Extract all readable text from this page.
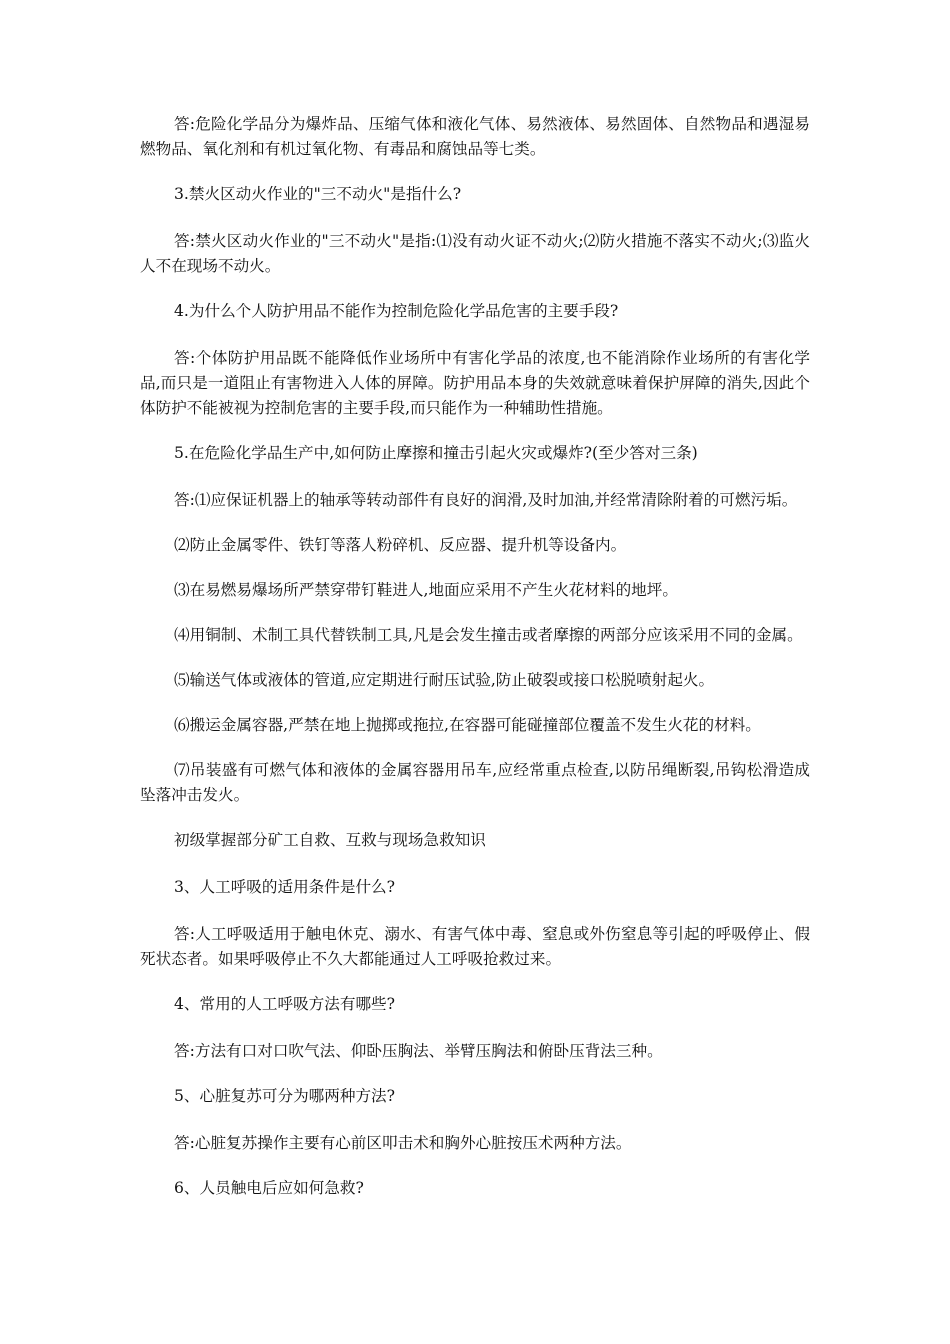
答:危险化学品分为爆炸品、压缩气体和液化气体、易然液体、易然固体、自然物品和遇湿易燃物品、氧化剂和有机过氧化物、有毒品和腐蚀品等七类。

3.禁火区动火作业的"三不动火"是指什么?

答:禁火区动火作业的"三不动火"是指:⑴没有动火证不动火;⑵防火措施不落实不动火;⑶监火人不在现场不动火。

4.为什么个人防护用品不能作为控制危险化学品危害的主要手段?

答:个体防护用品既不能降低作业场所中有害化学品的浓度,也不能消除作业场所的有害化学品,而只是一道阻止有害物进入人体的屏障。防护用品本身的失效就意味着保护屏障的消失,因此个体防护不能被视为控制危害的主要手段,而只能作为一种辅助性措施。

5.在危险化学品生产中,如何防止摩擦和撞击引起火灾或爆炸?(至少答对三条)

答:⑴应保证机器上的轴承等转动部件有良好的润滑,及时加油,并经常清除附着的可燃污垢。

⑵防止金属零件、铁钉等落人粉碎机、反应器、提升机等设备内。

⑶在易燃易爆场所严禁穿带钉鞋进人,地面应采用不产生火花材料的地坪。

⑷用铜制、术制工具代替铁制工具,凡是会发生撞击或者摩擦的两部分应该采用不同的金属。

⑸输送气体或液体的管道,应定期进行耐压试验,防止破裂或接口松脱喷射起火。

⑹搬运金属容器,严禁在地上抛掷或拖拉,在容器可能碰撞部位覆盖不发生火花的材料。

⑺吊装盛有可燃气体和液体的金属容器用吊车,应经常重点检查,以防吊绳断裂,吊钩松滑造成坠落冲击发火。

初级掌握部分矿工自救、互救与现场急救知识

3、人工呼吸的适用条件是什么?

答:人工呼吸适用于触电休克、溺水、有害气体中毒、窒息或外伤窒息等引起的呼吸停止、假死状态者。如果呼吸停止不久大都能通过人工呼吸抢救过来。

4、常用的人工呼吸方法有哪些?

答:方法有口对口吹气法、仰卧压胸法、举臂压胸法和俯卧压背法三种。

5、心脏复苏可分为哪两种方法?

答:心脏复苏操作主要有心前区叩击术和胸外心脏按压术两种方法。

6、人员触电后应如何急救?
